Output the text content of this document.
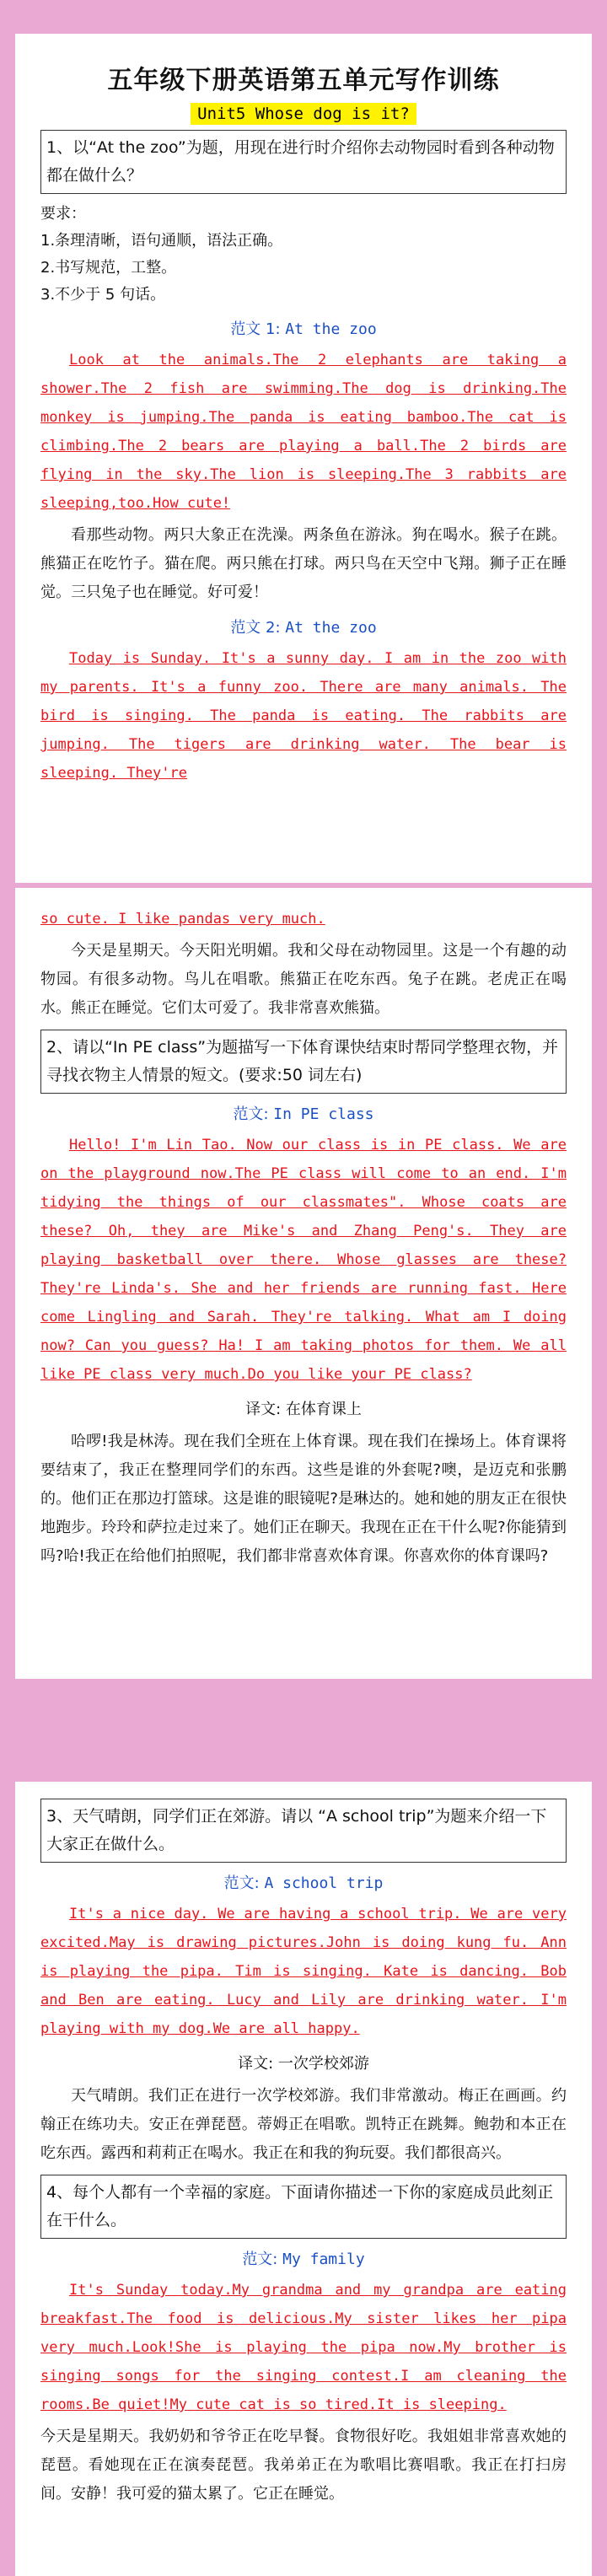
五年级下册英语第五单元写作训练
Unit5 Whose dog is it?
1、以“At the zoo”为题，用现在进行时介绍你去动物园时看到各种动物都在做什么？
要求：
1.条理清晰，语句通顺，语法正确。
2.书写规范，工整。
3.不少于 5 句话。
范文 1: At the zoo

Look at the animals.The 2 elephants are taking a shower.The 2 fish are swimming.The dog is drinking.The monkey is jumping.The panda is eating bamboo.The cat is climbing.The 2 bears are playing a ball.The 2 birds are flying in the sky.The lion is sleeping.The 3 rabbits are sleeping,too.How cute!

看那些动物。两只大象正在洗澡。两条鱼在游泳。狗在喝水。猴子在跳。熊猫正在吃竹子。猫在爬。两只熊在打球。两只鸟在天空中飞翔。狮子正在睡觉。三只兔子也在睡觉。好可爱！

范文 2: At the zoo

Today is Sunday. It's a sunny day. I am in the zoo with my parents. It's a funny zoo. There are many animals. The bird is singing. The panda is eating. The rabbits are jumping. The tigers are drinking water. The bear is sleeping. They're

so cute. I like pandas very much.

今天是星期天。今天阳光明媚。我和父母在动物园里。这是一个有趣的动物园。有很多动物。鸟儿在唱歌。熊猫正在吃东西。兔子在跳。老虎正在喝水。熊正在睡觉。它们太可爱了。我非常喜欢熊猫。

2、请以“In PE class”为题描写一下体育课快结束时帮同学整理衣物，并寻找衣物主人情景的短文。(要求:50 词左右)
范文: In PE class

Hello! I'm Lin Tao. Now our class is in PE class. We are on the playground now.The PE class will come to an end. I'm tidying the things of our classmates". Whose coats are these? Oh, they are Mike's and Zhang Peng's. They are playing basketball over there. Whose glasses are these? They're Linda's. She and her friends are running fast. Here come Lingling and Sarah. They're talking. What am I doing now? Can you guess? Ha! I am taking photos for them. We all like PE class very much.Do you like your PE class?

译文: 在体育课上

哈啰!我是林涛。现在我们全班在上体育课。现在我们在操场上。体育课将要结束了，我正在整理同学们的东西。这些是谁的外套呢?噢，是迈克和张鹏的。他们正在那边打篮球。这是谁的眼镜呢?是琳达的。她和她的朋友正在很快地跑步。玲玲和萨拉走过来了。她们正在聊天。我现在正在干什么呢?你能猜到吗?哈!我正在给他们拍照呢，我们都非常喜欢体育课。你喜欢你的体育课吗?

3、天气晴朗，同学们正在郊游。请以 “A school trip”为题来介绍一下大家正在做什么。
范文: A school trip

It's a nice day. We are having a school trip. We are very excited.May is drawing pictures.John is doing kung fu. Ann is playing the pipa. Tim is singing. Kate is dancing. Bob and Ben are eating. Lucy and Lily are drinking water. I'm playing with my dog.We are all happy.

译文: 一次学校郊游

天气晴朗。我们正在进行一次学校郊游。我们非常激动。梅正在画画。约翰正在练功夫。安正在弹琵琶。蒂姆正在唱歌。凯特正在跳舞。鲍勃和本正在吃东西。露西和莉莉正在喝水。我正在和我的狗玩耍。我们都很高兴。

4、每个人都有一个幸福的家庭。下面请你描述一下你的家庭成员此刻正在干什么。
范文: My family

It's Sunday today.My grandma and my grandpa are eating breakfast.The food is delicious.My sister likes her pipa very much.Look!She is playing the pipa now.My brother is singing songs for the singing contest.I am cleaning the rooms.Be quiet!My cute cat is so tired.It is sleeping.

今天是星期天。我奶奶和爷爷正在吃早餐。食物很好吃。我姐姐非常喜欢她的琵琶。看她现在正在演奏琵琶。我弟弟正在为歌唱比赛唱歌。我正在打扫房间。安静！我可爱的猫太累了。它正在睡觉。
